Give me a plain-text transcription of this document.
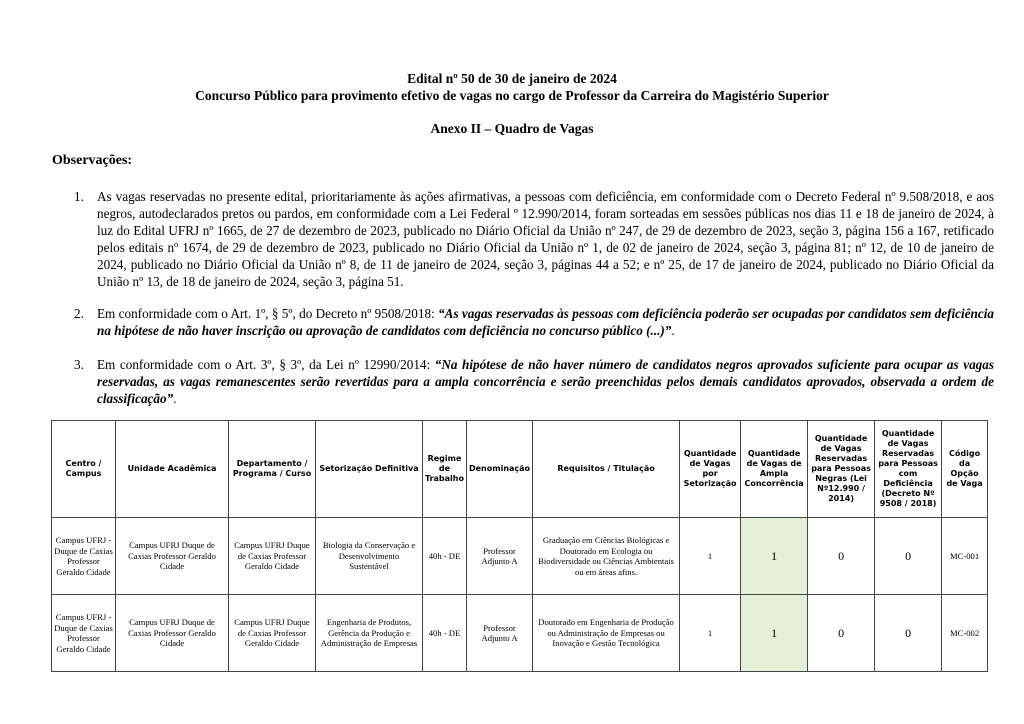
Edital nº 50 de 30 de janeiro de 2024
Concurso Público para provimento efetivo de vagas no cargo de Professor da Carreira do Magistério Superior
Anexo II – Quadro de Vagas
Observações:
1. As vagas reservadas no presente edital, prioritariamente às ações afirmativas, a pessoas com deficiência, em conformidade com o Decreto Federal nº 9.508/2018, e aos negros, autodeclarados pretos ou pardos, em conformidade com a Lei Federal º 12.990/2014, foram sorteadas em sessões públicas nos dias 11 e 18 de janeiro de 2024, à luz do Edital UFRJ nº 1665, de 27 de dezembro de 2023, publicado no Diário Oficial da União nº 247, de 29 de dezembro de 2023, seção 3, página 156 a 167, retificado pelos editais nº 1674, de 29 de dezembro de 2023, publicado no Diário Oficial da União nº 1, de 02 de janeiro de 2024, seção 3, página 81; nº 12, de 10 de janeiro de 2024, publicado no Diário Oficial da União nº 8, de 11 de janeiro de 2024, seção 3, páginas 44 a 52; e nº 25, de 17 de janeiro de 2024, publicado no Diário Oficial da União nº 13, de 18 de janeiro de 2024, seção 3, página 51.
2. Em conformidade com o Art. 1º, § 5º, do Decreto nº 9508/2018: “As vagas reservadas às pessoas com deficiência poderão ser ocupadas por candidatos sem deficiência na hipótese de não haver inscrição ou aprovação de candidatos com deficiência no concurso público (...)”.
3. Em conformidade com o Art. 3º, § 3º, da Lei nº 12990/2014: “Na hipótese de não haver número de candidatos negros aprovados suficiente para ocupar as vagas reservadas, as vagas remanescentes serão revertidas para a ampla concorrência e serão preenchidas pelos demais candidatos aprovados, observada a ordem de classificação”.
Centro / Campus	Unidade Acadêmica	Departamento / Programa / Curso	Setorização Definitiva	Regime de Trabalho	Denominação	Requisitos / Titulação	Quantidade de Vagas por Setorização	Quantidade de Vagas de Ampla Concorrência	Quantidade de Vagas Reservadas para Pessoas Negras (Lei Nº12.990 / 2014)	Quantidade de Vagas Reservadas para Pessoas com Deficiência (Decreto Nº 9508 / 2018)	Código da Opção de Vaga
Campus UFRJ - Duque de Caxias Professor Geraldo Cidade	Campus UFRJ Duque de Caxias Professor Geraldo Cidade	Campus UFRJ Duque de Caxias Professor Geraldo Cidade	Biologia da Conservação e Desenvolvimento Sustentável	40h - DE	Professor Adjunto A	Graduação em Ciências Biológicas e Doutorado em Ecologia ou Biodiversidade ou Ciências Ambientais ou em áreas afins.	1	1	0	0	MC-001
Campus UFRJ - Duque de Caxias Professor Geraldo Cidade	Campus UFRJ Duque de Caxias Professor Geraldo Cidade	Campus UFRJ Duque de Caxias Professor Geraldo Cidade	Engenharia de Produtos, Gerência da Produção e Administração de Empresas	40h - DE	Professor Adjunto A	Doutorado em Engenharia de Produção ou Administração de Empresas ou Inovação e Gestão Tecnológica	1	1	0	0	MC-002
